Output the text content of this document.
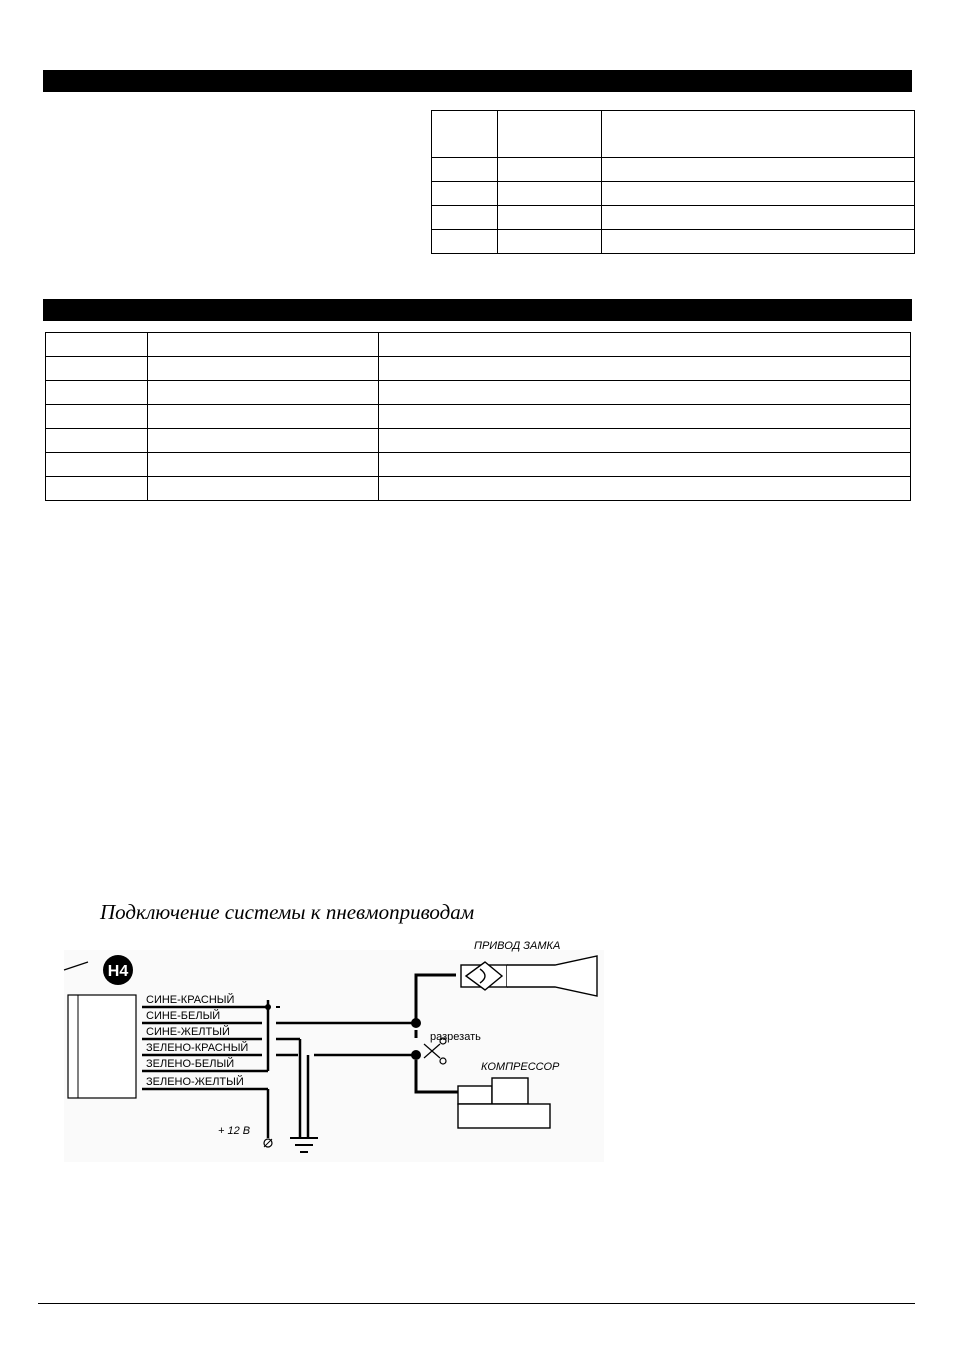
Подключение системы к пневмоприводам
H4
СИНЕ-КРАСНЫЙ
СИНЕ-БЕЛЫЙ
СИНЕ-ЖЕЛТЫЙ
ЗЕЛЕНО-КРАСНЫЙ
ЗЕЛЕНО-БЕЛЫЙ
ЗЕЛЕНО-ЖЕЛТЫЙ
+ 12 В
разрезать
ПРИВОД ЗАМКА
КОМПРЕССОР
